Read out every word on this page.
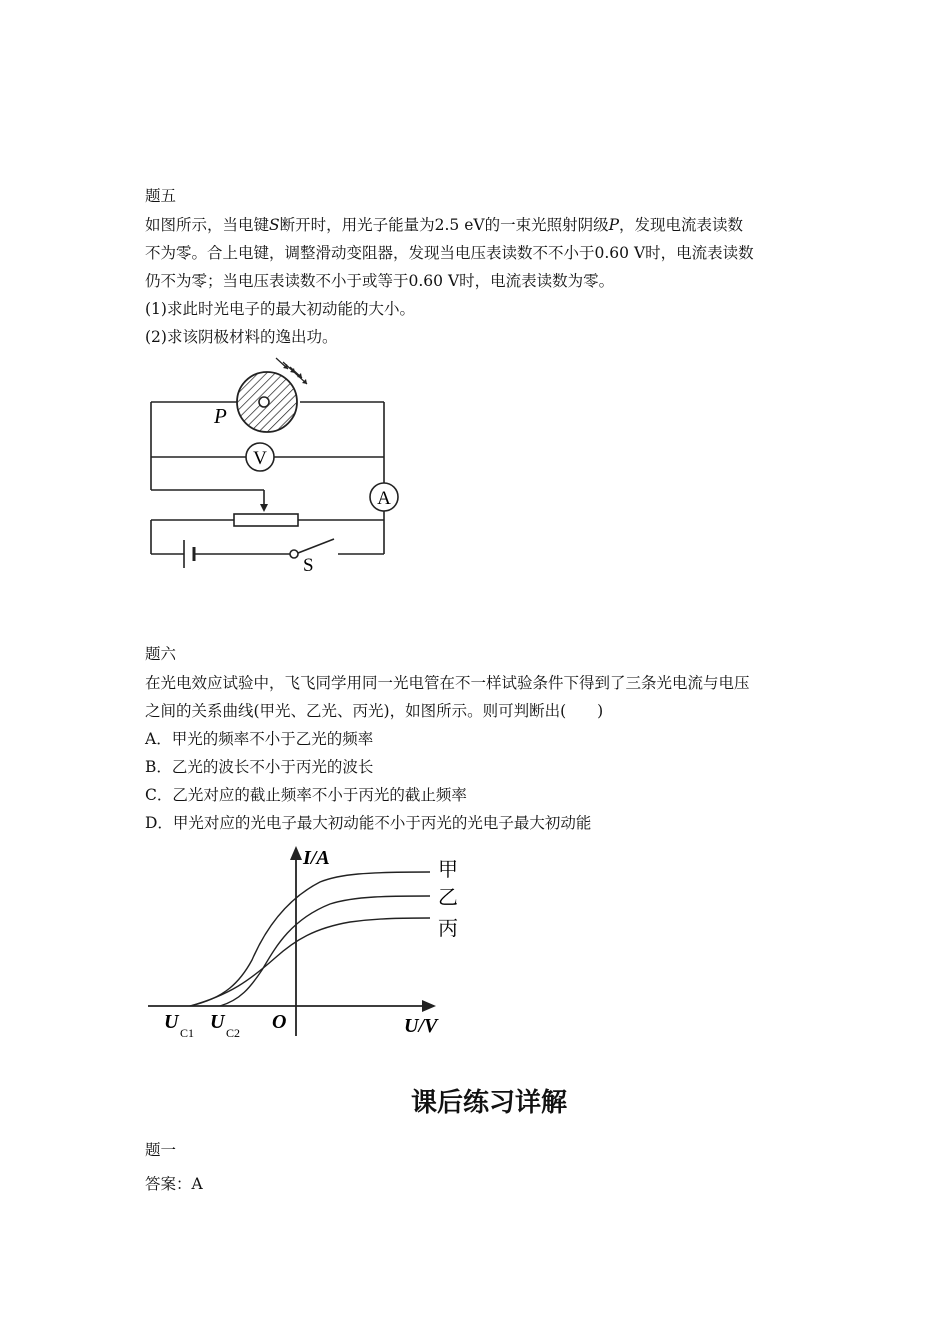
题五
如图所示，当电键S断开时，用光子能量为2.5 eV的一束光照射阴级P，发现电流表读数
不为零。合上电键，调整滑动变阻器，发现当电压表读数不不小于0.60 V时，电流表读数
仍不为零；当电压表读数不小于或等于0.60 V时，电流表读数为零。
(1)求此时光电子的最大初动能的大小。
(2)求该阴极材料的逸出功。
V
A
P
S
题六
在光电效应试验中，飞飞同学用同一光电管在不一样试验条件下得到了三条光电流与电压
之间的关系曲线(甲光、乙光、丙光)，如图所示。则可判断出(　　)
A．甲光的频率不小于乙光的频率
B．乙光的波长不小于丙光的波长
C．乙光对应的截止频率不小于丙光的截止频率
D．甲光对应的光电子最大初动能不小于丙光的光电子最大初动能
I/A
U/V
O
U C1 U C2
甲
乙
丙
课后练习详解
题一
答案：A
